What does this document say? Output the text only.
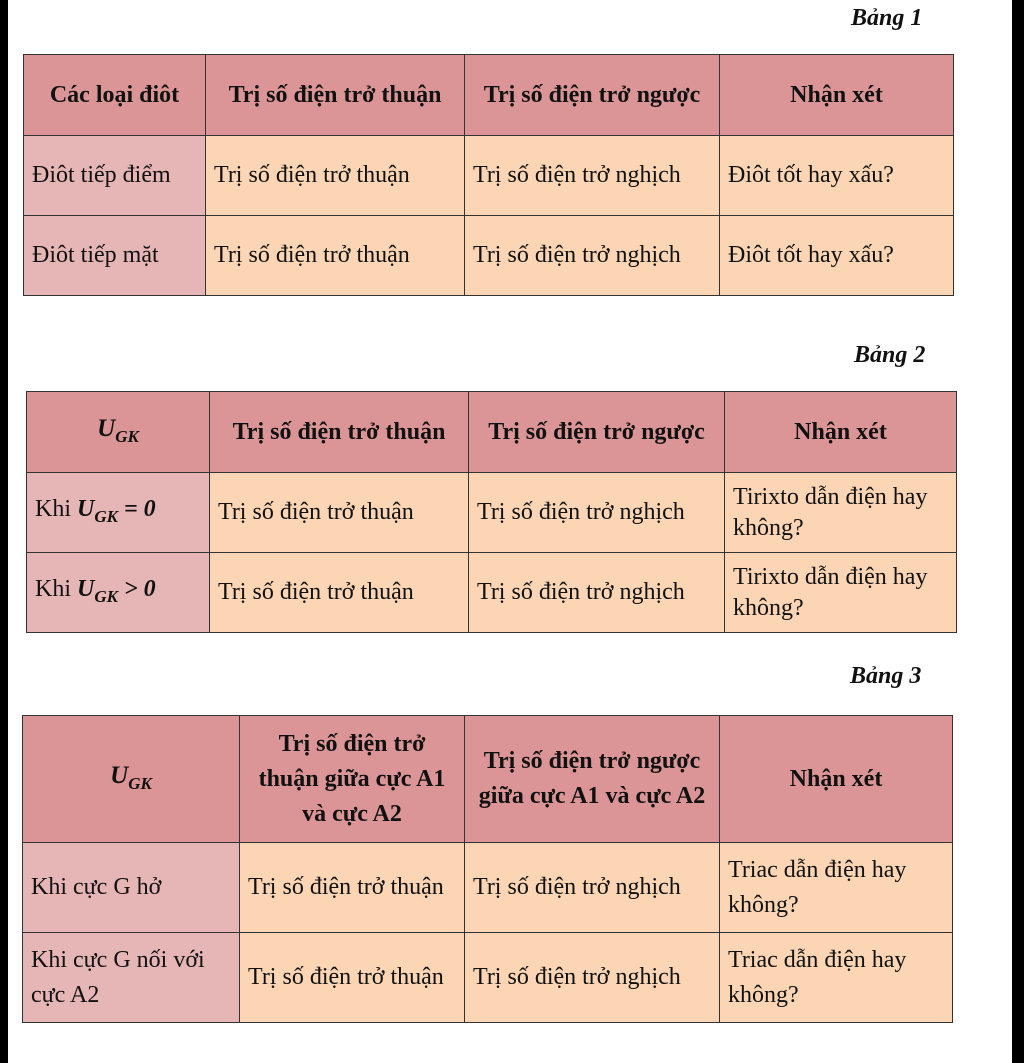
Bảng 1
Các loại điôt	Trị số điện trở thuận	Trị số điện trở ngược	Nhận xét
Điôt tiếp điểm	Trị số điện trở thuận	Trị số điện trở nghịch	Điôt tốt hay xấu?
Điôt tiếp mặt	Trị số điện trở thuận	Trị số điện trở nghịch	Điôt tốt hay xấu?
Bảng 2
$U_{GK}$	Trị số điện trở thuận	Trị số điện trở ngược	Nhận xét
Khi $U_{GK} = 0$	Trị số điện trở thuận	Trị số điện trở nghịch	Tirixto dẫn điện hay không?
Khi $U_{GK} > 0$	Trị số điện trở thuận	Trị số điện trở nghịch	Tirixto dẫn điện hay không?
Bảng 3
$U_{GK}$	Trị số điện trở thuận giữa cực A1 và cực A2	Trị số điện trở ngược giữa cực A1 và cực A2	Nhận xét
Khi cực G hở	Trị số điện trở thuận	Trị số điện trở nghịch	Triac dẫn điện hay không?
Khi cực G nối với cực A2	Trị số điện trở thuận	Trị số điện trở nghịch	Triac dẫn điện hay không?
